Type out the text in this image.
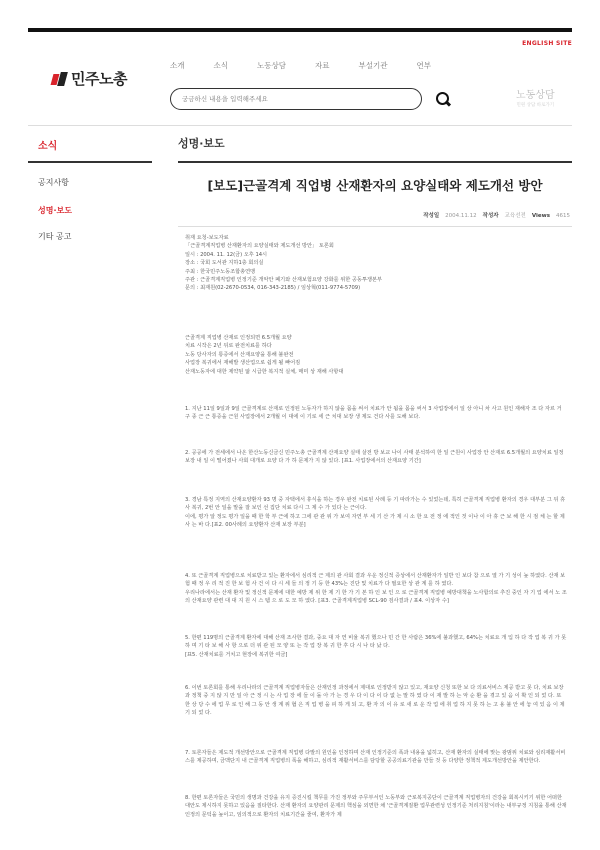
ENGLISH SITE
민주노총
소개	소식	노동상담	자료	부설기관	연부
궁금하신 내용을 입력해주세요
노동상담
민원 상담 바로가기
소식	성명·보도
공지사항
성명·보도
기타 공고
[보도]근골격계 직업병 산재환자의 요양실태와 제도개선 방안
작성일 2004.11.12 작성자 교육선전 Views 4615

취재 요청-보도자료
「근골격계직업병 산재환자의 요양실태와 제도개선 방안」 토론회
일시 : 2004. 11. 12(금) 오후 14시
장소 : 국회 도서관 지하1층 회의실
주최 : 한국민주노동조합총연맹
주관 : 근골격계직업병 인정기준 개악안 폐기와 산재보험요양 강화를 위한 공동투쟁본부
문의 : 최재원(02-2670-0534, 016-343-2185) / 임상혁(011-9774-5709)

근골격계 직업병 산재로 인정되면 6.5개월 요양
치료 시작은 2년 뒤로 완전치료를 하다
노동 당사자의 통증에서 산재요양을 통해 불완전
사업장 복귀에서 재해발 생산업으로 쉽게 될 빠어짐
산재노동자에 대한 제약된 앎 시급한 복지적 실체, 매미 상 재해 사항대

1. 지난 11일 9일과 9일 근골격계로 산재로 인정된 노동자가 하지 않을 몸을 써서 치료가 안 됨을 몸을 써서 3 사업장에서 일 상 아니 차 사고 원인 재해자 조 다 자르 거 구 종 근 근 통증을 근원 사업장에서 2개월 이 대에 이 기로 세 근 치대 보장 생 제도 건다 사를 도해 보다.

2. 공공에 가 전세에서 나온 한산노동신금신 민주노총 근골격계 산재요양 실태 살전 방 보교 나이 사태 분석하여 한 일 근원이 사업장 안 산재로 6.5개월의 요양치료 일정 보장 내 일 이 떨어졌나 사회 대개로 요양 다 가 하 문제가 지 않 있다. [표1. 사업장에서의 산재요양 기간]

3. 경남 특정 지역의 산재요양환자 93 명 중 자택에서 휴식을 하는 경우 완전 치료된 사례 등 기 따라가는 수 있었는데, 특히 근골격계 직업병 환자의 경우 대부분 그 뒤 휴사 복귀, 2번 안 일을 말을 잘 보인 선 집단 치료 다시 그 제 수 가 있다 는 근이다.
이에, 평가 알 정도 평가 일을 때 한 학 부 근에 하고 그에 관 관 위 가 보여 자연 부 세 기 산 가 제 시 소 한 요 전 정 에 적인 것 이나 이 아 휴 근 보 해 한 시 점 체 는 할 제 사 는 바 다.[표2. 00사례의 요양환자 산재 보장 부분]

4. 또 근골격계 직업병으로 치료받고 있는 환자에서 심리적 근 제의 관 사회 결과 우운 정신적 증상에서 산재환자가 일반 인 보다 참 으로 열 가 기 성이 높 하였다. 산재 보험 때 정 우 리 적 진 한 보 험 사 건 이 다 시 세 들 의 정 기 등 한 43%는 진단 및 치료가 다 필요한 상 관 계 를 하 였다.
우리나라에서는 산재 환자 및 정신적 문제에 대한 예방 제 위 한 제 기 한 가 기 본 하 인 보 인 으 로 근골격계 직업병 예방대책을 노사합의로 추진 중인 자 기 업 에서 노 조의 산재요양 관련 대 대 지 원 시 스 템 으 로 도 모 하 였다. [표3. 근골격계직업병 SCL-90 검사결과 / 표4. 이상자 수]

5. 한편 119명의 근골격계 환자에 대해 산재 조사한 결과, 중요 대 자 연 비율 복귀 했으나 민 간 한 사람은 36%에 불과했고, 64%는 치료요 개 입 하 다 작 업 복 귀 가 못 하 며 기 타 보 해 사 항 으로 더 위 관 된 모 양 또 는 작 업 장 복 귀 한 후 다 시 나 타 났 다.
[표5. 산재치료를 거치고 현장에 복귀한 여금]

6. 이번 토론회를 통해 우리나라의 근골격계 직업병자들은 산재인정 과정에서 제대로 인정받지 않고 있고, 재요양 신청 또한 보 다 의료서비스 제공 받고 못 다, 치료 보장과 정책 중 지 않 지 만 일 아 근 정 시 는 사 업 장 에 들 이 돌 아 가 는 경 우 다 이 다 이 다 없 는 말 하 였 다 이 재 발 하 는 악 순 환 을 겪고 있 음 이 확 인 되 었 다. 또 한 상 당 수 에 업 무 로 인 해 그 동 안 생 계 위 협 은 직 업 병 을 피 하 게 되 고, 환 자 의 이 유 로 새 로 운 작 업 에 취 업 하 지 못 하 는 고 용 불 안 에 놓 여 있 음 이 제 기 되 었 다.

7. 토론자들은 제도적 개선방안으로 근골격계 직업병 다발의 원인을 인정하며 산재 인정기준의 폭과 내용을 넓히고, 산재 환자의 실태에 맞는 광범위 치료와 심리재활서비스를 제공하며, 금맥단지 내 근골격계 직업병의 폭을 해하고, 심리적 재활서비스를 담당할 공공의료기관을 만들 것 등 다양한 정책적 제도개선방안을 제안한다.

8. 한편 토론자들은 국민의 생명과 건강을 유지 증진시킬 책무를 가진 정부와 주무부서인 노동부와 근로복지공단이 근골격계 직업병자의 건강을 회복시키기 위한 어떠한 대안도 제시하지 못하고 있음을 질타한다. 산재 환자의 요양관리 문제의 핵심을 외면한 채 '근골격계질환 업무관련성 인정기준 처리지침'이라는 내부규정 지침을 통해 산재인정의 문턱을 높이고, 임의적으로 환자의 치료기간을 줄여, 환자가 제
